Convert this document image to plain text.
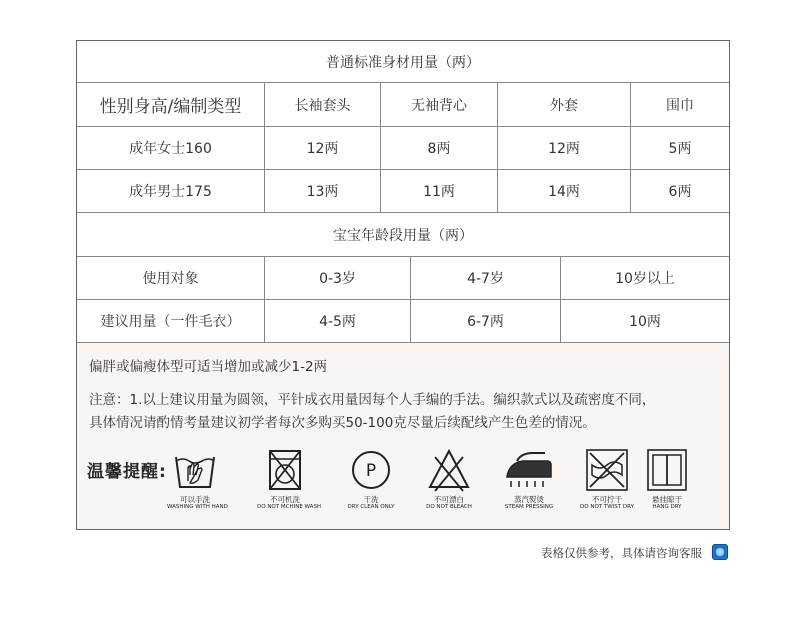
普通标准身材用量（两）
性别身高/编制类型	长袖套头	无袖背心	外套	围巾
成年女士160	12两	8两	12两	5两
成年男士175	13两	11两	14两	6两
宝宝年龄段用量（两）
使用对象	0-3岁	4-7岁	10岁以上
建议用量（一件毛衣）	4-5两	6-7两	10两
偏胖或偏瘦体型可适当增加或减少1-2两
注意：1.以上建议用量为圆领，平针成衣用量因每个人手编的手法。编织款式以及疏密度不同，
具体情况请酌情考量建议初学者每次多购买50-100克尽量后续配线产生色差的情况。
温馨提醒:
可以手洗
WASHING WITH HAND
不可机洗
DO NOT MCHINE WASH
P
干洗
DRY CLEAN ONLY
不可漂白
DO NOT BLEACH
蒸汽熨烫
STEAM PRESSING
不可拧干
DO NOT TWIST DRY
悬挂晾干
HANG DRY
表格仅供参考，具体请咨询客服
